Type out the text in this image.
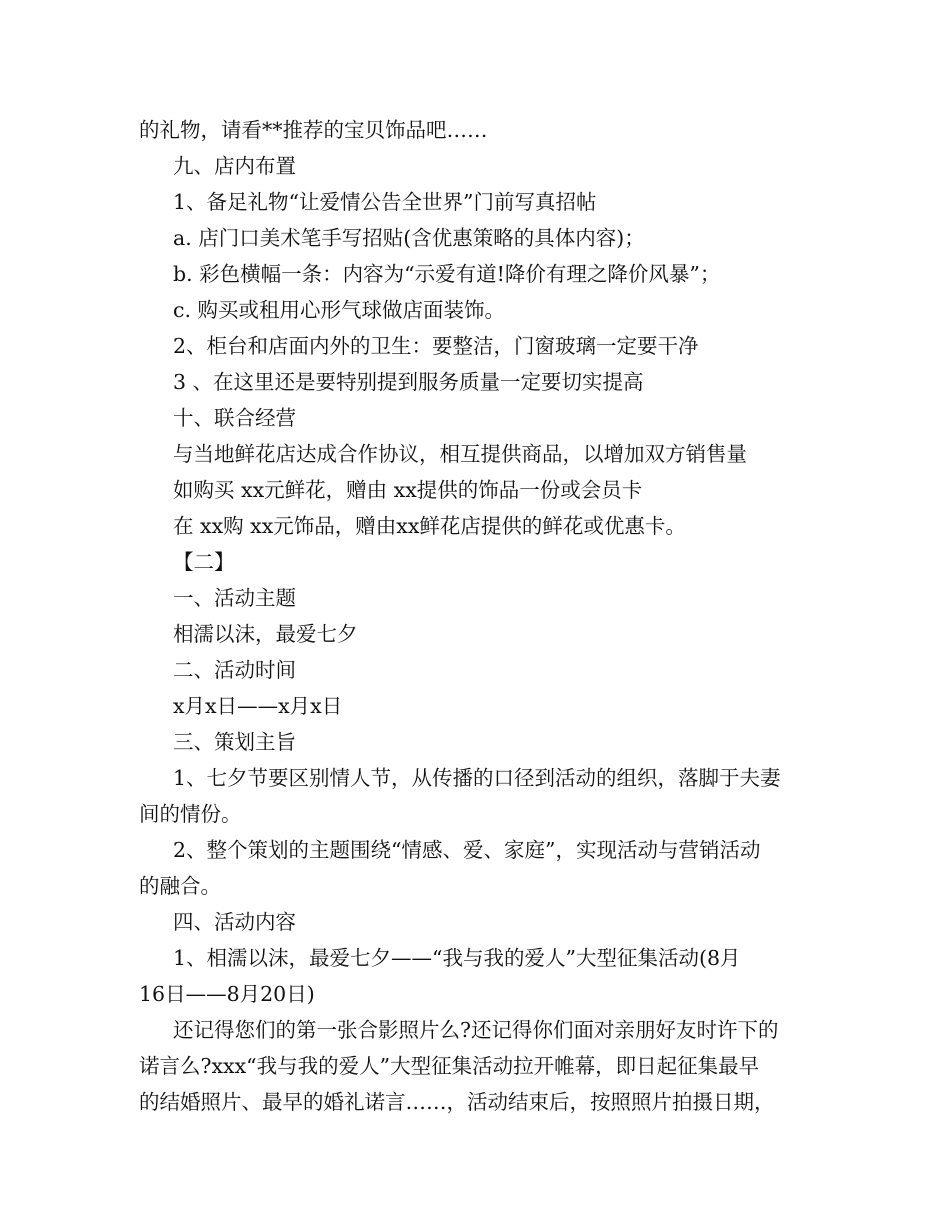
的礼物，请看**推荐的宝贝饰品吧……
九、店内布置
1、备足礼物“让爱情公告全世界”门前写真招帖
a. 店门口美术笔手写招贴(含优惠策略的具体内容)；
b. 彩色横幅一条：内容为“示爱有道!降价有理之降价风暴”；
c. 购买或租用心形气球做店面装饰。
2、柜台和店面内外的卫生：要整洁，门窗玻璃一定要干净
3 、在这里还是要特别提到服务质量一定要切实提高
十、联合经营
与当地鲜花店达成合作协议，相互提供商品，以增加双方销售量
如购买 xx元鲜花，赠由 xx提供的饰品一份或会员卡
在 xx购 xx元饰品，赠由xx鲜花店提供的鲜花或优惠卡。
【二】
一、活动主题
相濡以沫，最爱七夕
二、活动时间
x月x日——x月x日
三、策划主旨
1、七夕节要区别情人节，从传播的口径到活动的组织，落脚于夫妻
间的情份。
2、整个策划的主题围绕“情感、爱、家庭”，实现活动与营销活动
的融合。
四、活动内容
1、相濡以沫，最爱七夕——“我与我的爱人”大型征集活动(8月
16日——8月20日)
还记得您们的第一张合影照片么?还记得你们面对亲朋好友时许下的
诺言么?xxx“我与我的爱人”大型征集活动拉开帷幕，即日起征集最早
的结婚照片、最早的婚礼诺言……，活动结束后，按照照片拍摄日期，
